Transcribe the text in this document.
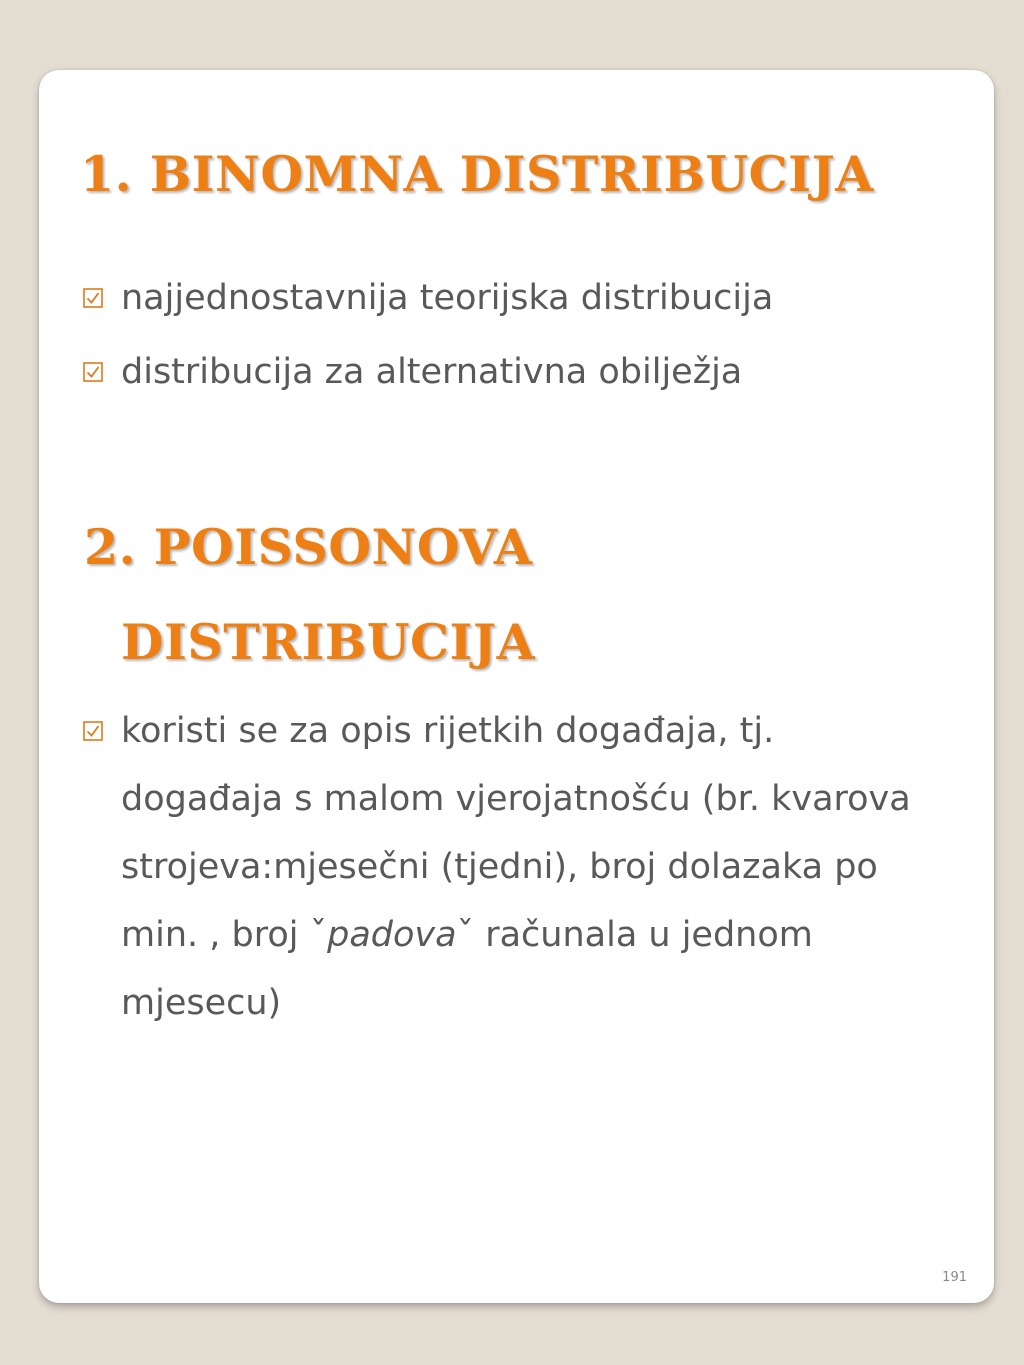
1. BINOMNA DISTRIBUCIJA
najjednostavnija teorijska distribucija
distribucija za alternativna obilježja
2. POISSONOVA
DISTRIBUCIJA
koristi se za opis rijetkih događaja, tj.
događaja s malom vjerojatnošću (br. kvarova
strojeva:mjesečni (tjedni), broj dolazaka po
min. , broj ˇpadovaˇ računala u jednom
mjesecu)
191
